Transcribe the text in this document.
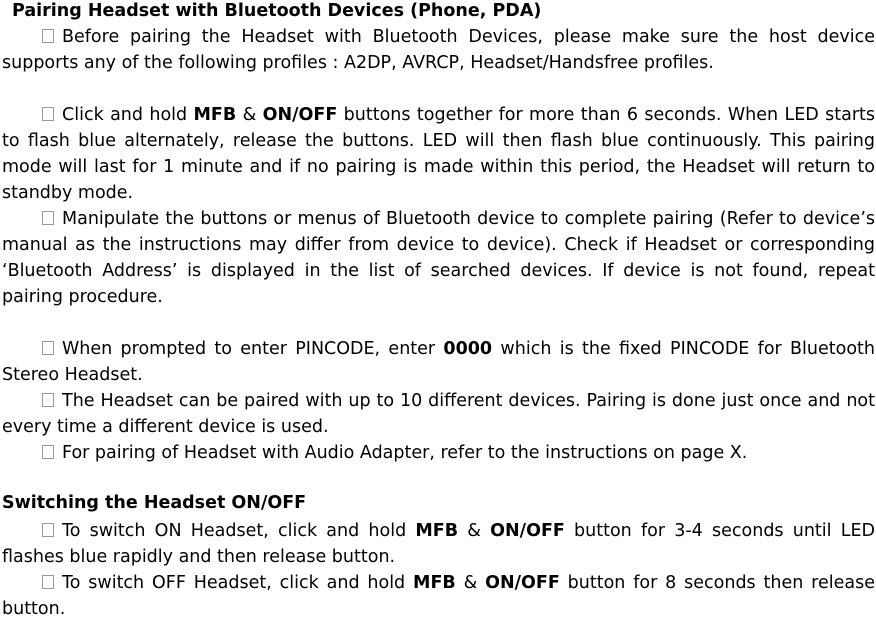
Pairing Headset with Bluetooth Devices (Phone, PDA)

Before pairing the Headset with Bluetooth Devices, please make sure the host device supports any of the following profiles : A2DP, AVRCP, Headset/Handsfree profiles.

Click and hold MFB & ON/OFF buttons together for more than 6 seconds. When LED starts to flash blue alternately, release the buttons. LED will then flash blue continuously. This pairing mode will last for 1 minute and if no pairing is made within this period, the Headset will return to standby mode.

Manipulate the buttons or menus of Bluetooth device to complete pairing (Refer to device’s manual as the instructions may differ from device to device). Check if Headset or corresponding ‘Bluetooth Address’ is displayed in the list of searched devices. If device is not found, repeat pairing procedure.

When prompted to enter PINCODE, enter 0000 which is the fixed PINCODE for Bluetooth Stereo Headset.

The Headset can be paired with up to 10 different devices. Pairing is done just once and not every time a different device is used.

For pairing of Headset with Audio Adapter, refer to the instructions on page X.

Switching the Headset ON/OFF

To switch ON Headset, click and hold MFB & ON/OFF button for 3-4 seconds until LED flashes blue rapidly and then release button.

To switch OFF Headset, click and hold MFB & ON/OFF button for 8 seconds then release button.
